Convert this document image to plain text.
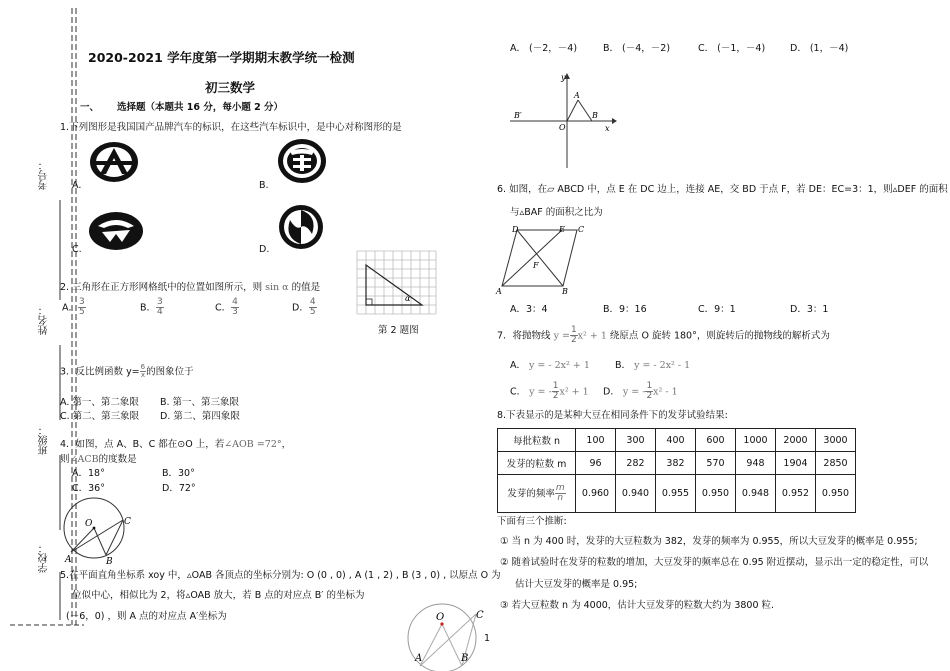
考号：
姓名：
班级：
学校：
2020-2021 学年度第一学期期末教学统一检测
初三数学
一、 选择题（本题共 16 分，每小题 2 分）
1.下列图形是我国国产品牌汽车的标识，在这些汽车标识中，是中心对称图形的是
A.	B.
C.	D.
2. 三角形在正方形网格纸中的位置如图所示，则 sin α 的值是
A． $\frac{3}{5}$	B． $\frac{3}{4}$	C． $\frac{4}{3}$	D． $\frac{4}{5}$	α
第 2 题图
3．反比例函数 $y= \frac{6}{x}$ 的图象位于
A. 第一、第二象限 B. 第一、第三象限
C. 第二、第三象限 D. 第二、第四象限
4．如图，点 A、B、C 都在⊙O 上，若∠AOB =72°，
则∠ACB的度数是
A．18°	B．30°
C．36°	D．72°
O
A	B
C
5.在平面直角坐标系 xoy 中，▵OAB 各顶点的坐标分别为: O (0 , 0) , A (1 , 2) , B (3 , 0) , 以原点 O 为
位似中心，相似比为 2，将▵OAB 放大，若 B 点的对应点 B′ 的坐标为
(－6，0) ，则 A 点的对应点 A′坐标为	O	C
A	B
1
A． (－2，－4)	B． (－4，－2)	C． (－1，－4)	D． (1，－4)
y
x
A
B
B′
O
6. 如图，在▱ ABCD 中，点 E 在 DC 边上，连接 AE，交 BD 于点 F，若 DE：EC=3：1，则▵DEF 的面积
与▵BAF 的面积之比为
D	E C
F
A	B
A．3：4	B．9：16	C．9：1	D．3：1
7．将抛物线 $y = \frac{1}{2} x^2 + 1$ 绕原点 O 旋转 180°，则旋转后的抛物线的解析式为
A． y = - 2x² + 1	B． y = - 2x² - 1
C． y = - $\frac{1}{2} x^2 + 1$ D． y = - $\frac{1}{2} x^2 - 1$
8.下表显示的是某种大豆在相同条件下的发芽试验结果:
每批粒数 n	100	300	400	600	1000	2000	3000
发芽的粒数 m	96	282	382	570	948	1904	2850
发芽的频率 $\frac{m}{n}$	0.960	0.940	0.955	0.950	0.948	0.952	0.950
下面有三个推断:
① 当 n 为 400 时，发芽的大豆粒数为 382，发芽的频率为 0.955，所以大豆发芽的概率是 0.955;
② 随着试验时在发芽的粒数的增加，大豆发芽的频率总在 0.95 附近摆动，显示出一定的稳定性，可以
估计大豆发芽的概率是 0.95;
③ 若大豆粒数 n 为 4000，估计大豆发芽的粒数大约为 3800 粒.
